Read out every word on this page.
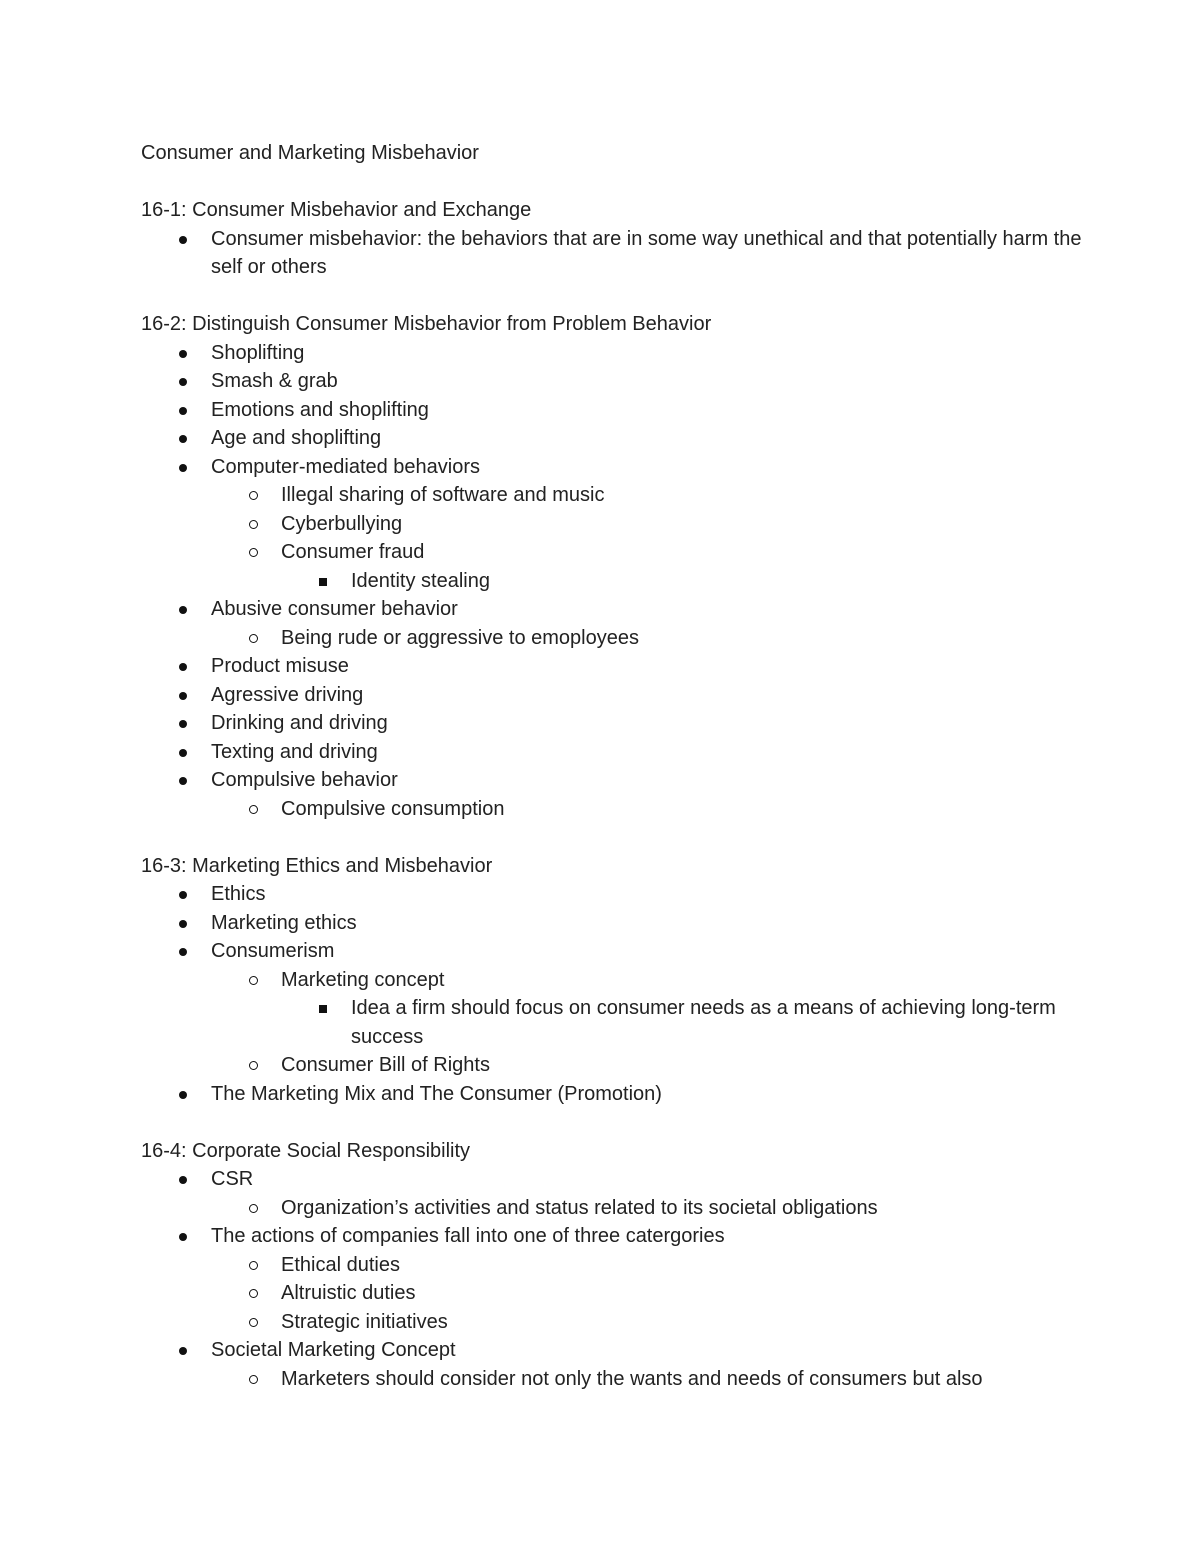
Consumer and Marketing Misbehavior

16-1: Consumer Misbehavior and Exchange

Consumer misbehavior: the behaviors that are in some way unethical and that potentially harm the self or others

16-2: Distinguish Consumer Misbehavior from Problem Behavior

Shoplifting
Smash & grab
Emotions and shoplifting
Age and shoplifting
Computer-mediated behaviors
Illegal sharing of software and music
Cyberbullying
Consumer fraud
Identity stealing
Abusive consumer behavior
Being rude or aggressive to emoployees
Product misuse
Agressive driving
Drinking and driving
Texting and driving
Compulsive behavior
Compulsive consumption

16-3: Marketing Ethics and Misbehavior

Ethics
Marketing ethics
Consumerism
Marketing concept
Idea a firm should focus on consumer needs as a means of achieving long-term success
Consumer Bill of Rights
The Marketing Mix and The Consumer (Promotion)

16-4: Corporate Social Responsibility

CSR
Organization’s activities and status related to its societal obligations
The actions of companies fall into one of three catergories
Ethical duties
Altruistic duties
Strategic initiatives
Societal Marketing Concept
Marketers should consider not only the wants and needs of consumers but also
